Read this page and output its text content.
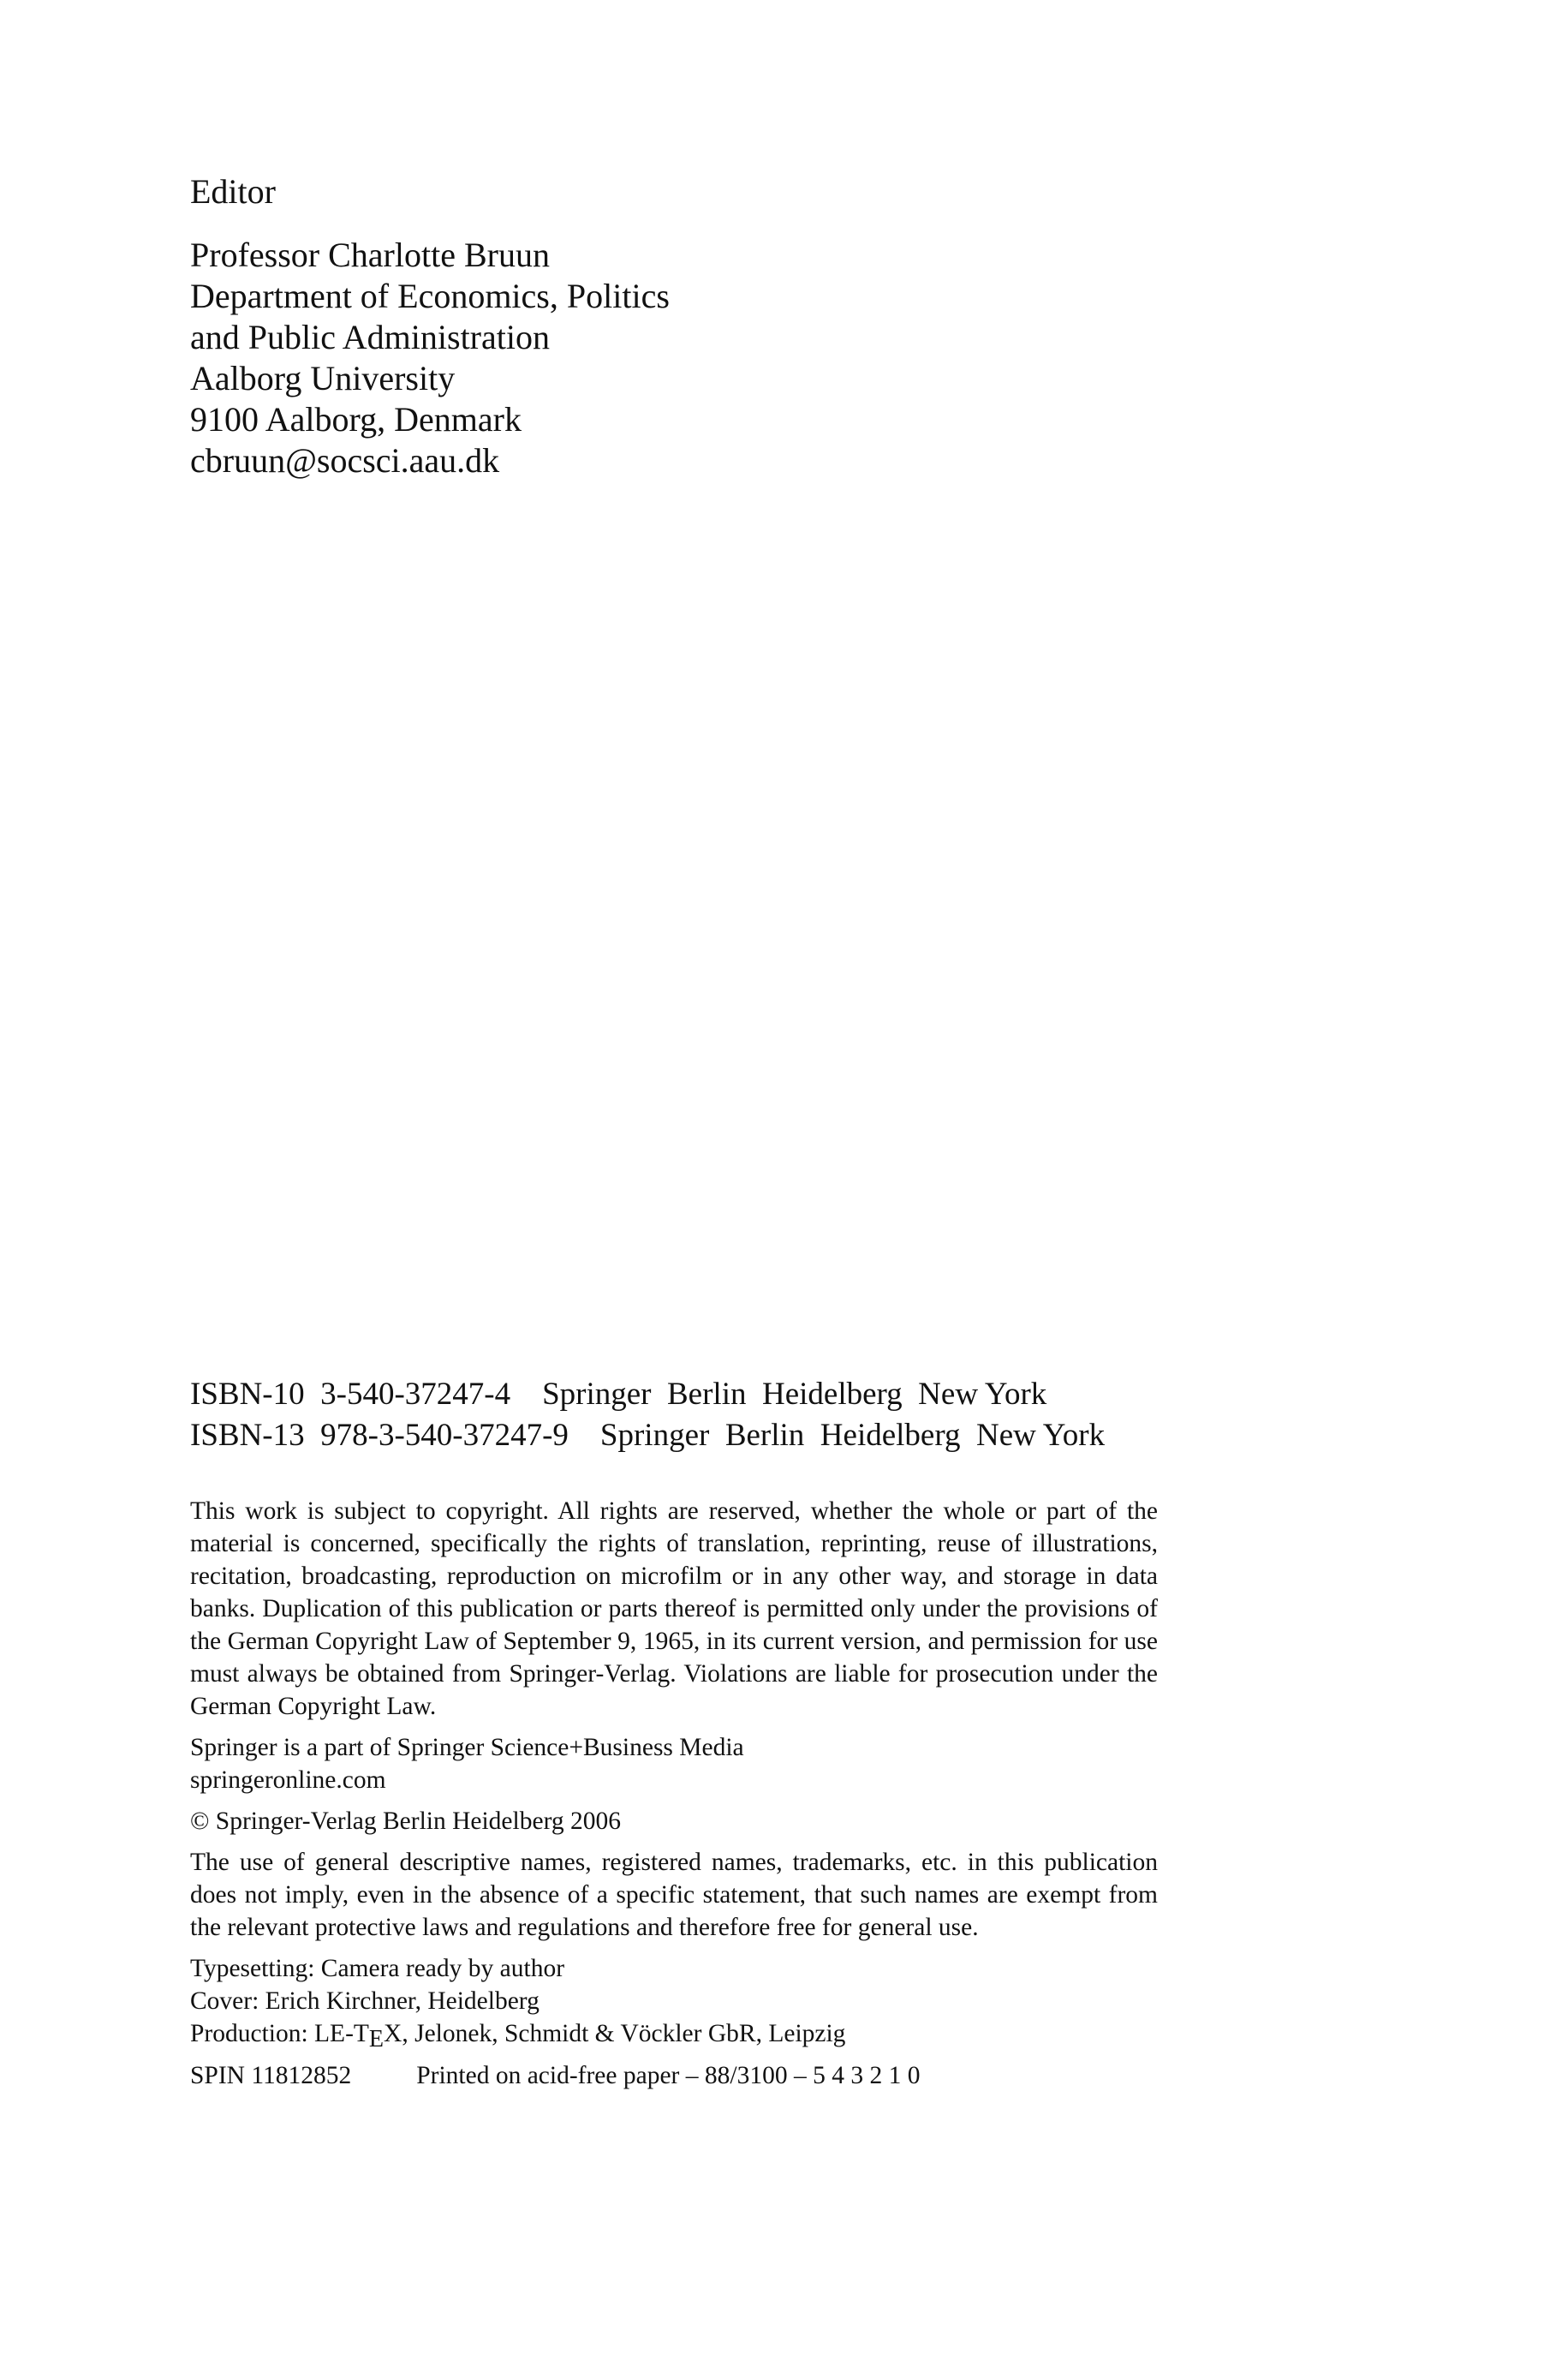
Editor
Professor Charlotte Bruun
Department of Economics, Politics
and Public Administration
Aalborg University
9100 Aalborg, Denmark
cbruun@socsci.aau.dk
ISBN-10  3-540-37247-4    Springer  Berlin  Heidelberg  New York
ISBN-13  978-3-540-37247-9    Springer  Berlin  Heidelberg  New York

This work is subject to copyright. All rights are reserved, whether the whole or part of the material is concerned, specifically the rights of translation, reprinting, reuse of illustrations, recitation, broadcasting, reproduction on microfilm or in any other way, and storage in data banks. Duplication of this publication or parts thereof is permitted only under the provisions of the German Copyright Law of September 9, 1965, in its current version, and permission for use must always be obtained from Springer-Verlag. Violations are liable for prosecution under the German Copyright Law.

Springer is a part of Springer Science+Business Media
springeronline.com

© Springer-Verlag Berlin Heidelberg 2006

The use of general descriptive names, registered names, trademarks, etc. in this publication does not imply, even in the absence of a specific statement, that such names are exempt from the relevant protective laws and regulations and therefore free for general use.

Typesetting: Camera ready by author
Cover: Erich Kirchner, Heidelberg
Production: LE-TEX, Jelonek, Schmidt & Vöckler GbR, Leipzig

SPIN 11812852	Printed on acid-free paper – 88/3100 – 5 4 3 2 1 0
